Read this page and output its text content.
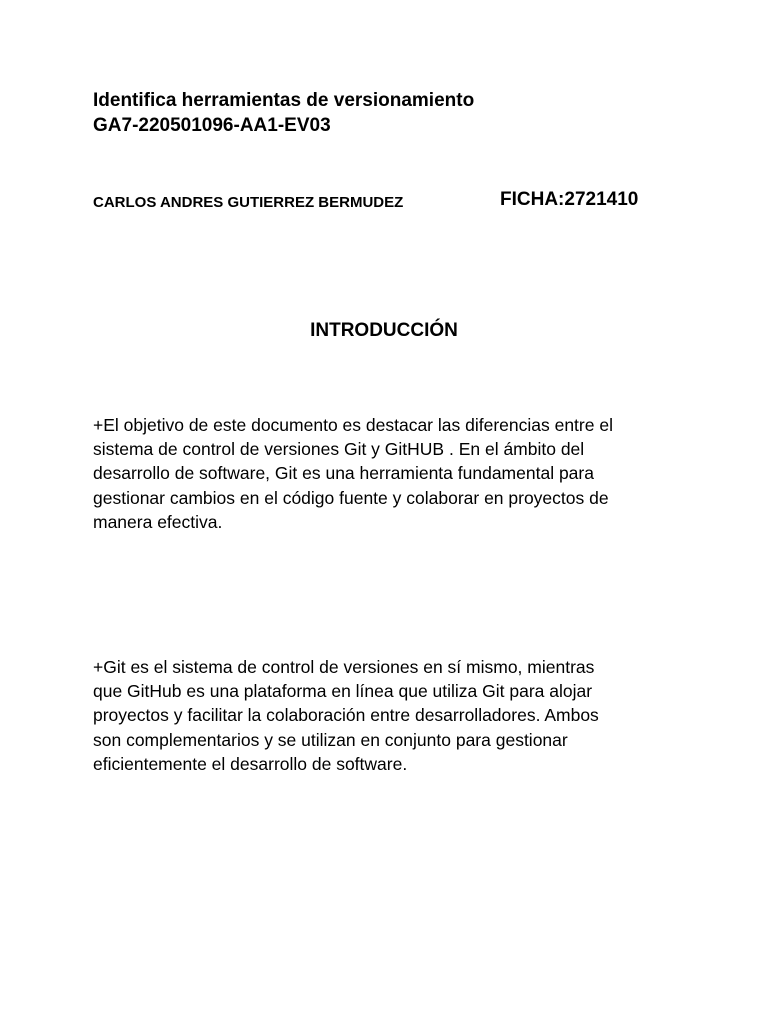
Identifica herramientas de versionamiento
GA7-220501096-AA1-EV03
CARLOS ANDRES GUTIERREZ BERMUDEZ	FICHA:2721410
INTRODUCCIÓN
+El objetivo de este documento es destacar las diferencias entre el
sistema de control de versiones Git y GitHUB . En el ámbito del
desarrollo de software, Git es una herramienta fundamental para
gestionar cambios en el código fuente y colaborar en proyectos de
manera efectiva.
+Git es el sistema de control de versiones en sí mismo, mientras
que GitHub es una plataforma en línea que utiliza Git para alojar
proyectos y facilitar la colaboración entre desarrolladores. Ambos
son complementarios y se utilizan en conjunto para gestionar
eficientemente el desarrollo de software.
